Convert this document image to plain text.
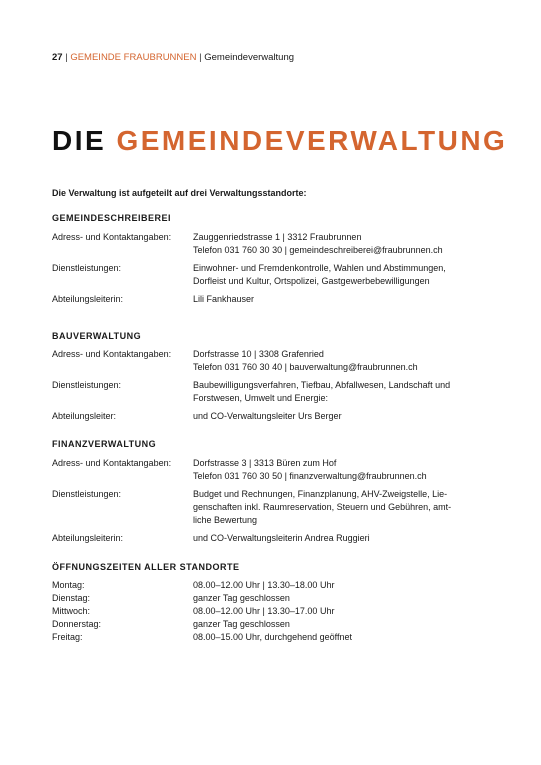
27 | GEMEINDE FRAUBRUNNEN | Gemeindeverwaltung
DIE GEMEINDEVERWALTUNG
Die Verwaltung ist aufgeteilt auf drei Verwaltungsstandorte:
GEMEINDESCHREIBEREI
Adress- und Kontaktangaben: Zauggenriedstrasse 1 | 3312 Fraubrunnen
Telefon 031 760 30 30 | gemeindeschreiberei@fraubrunnen.ch
Dienstleistungen:	Einwohner- und Fremdenkontrolle, Wahlen und Abstimmungen,
Dorfleist und Kultur, Ortspolizei, Gastgewerbebewilligungen
Abteilungsleiterin:	Lili Fankhauser
BAUVERWALTUNG
Adress- und Kontaktangaben: Dorfstrasse 10 | 3308 Grafenried
Telefon 031 760 30 40 | bauverwaltung@fraubrunnen.ch
Dienstleistungen:	Baubewilligungsverfahren, Tiefbau, Abfallwesen, Landschaft und
Forstwesen, Umwelt und Energie:
Abteilungsleiter:	und CO-Verwaltungsleiter Urs Berger
FINANZVERWALTUNG
Adress- und Kontaktangaben: Dorfstrasse 3 | 3313 Büren zum Hof
Telefon 031 760 30 50 | finanzverwaltung@fraubrunnen.ch
Dienstleistungen:	Budget und Rechnungen, Finanzplanung, AHV-Zweigstelle, Lie-
genschaften inkl. Raumreservation, Steuern und Gebühren, amt-
liche Bewertung
Abteilungsleiterin:	und CO-Verwaltungsleiterin Andrea Ruggieri
ÖFFNUNGSZEITEN ALLER STANDORTE
Montag:	08.00–12.00 Uhr | 13.30–18.00 Uhr
Dienstag:	ganzer Tag geschlossen
Mittwoch:	08.00–12.00 Uhr | 13.30–17.00 Uhr
Donnerstag:	ganzer Tag geschlossen
Freitag:	08.00–15.00 Uhr, durchgehend geöffnet
